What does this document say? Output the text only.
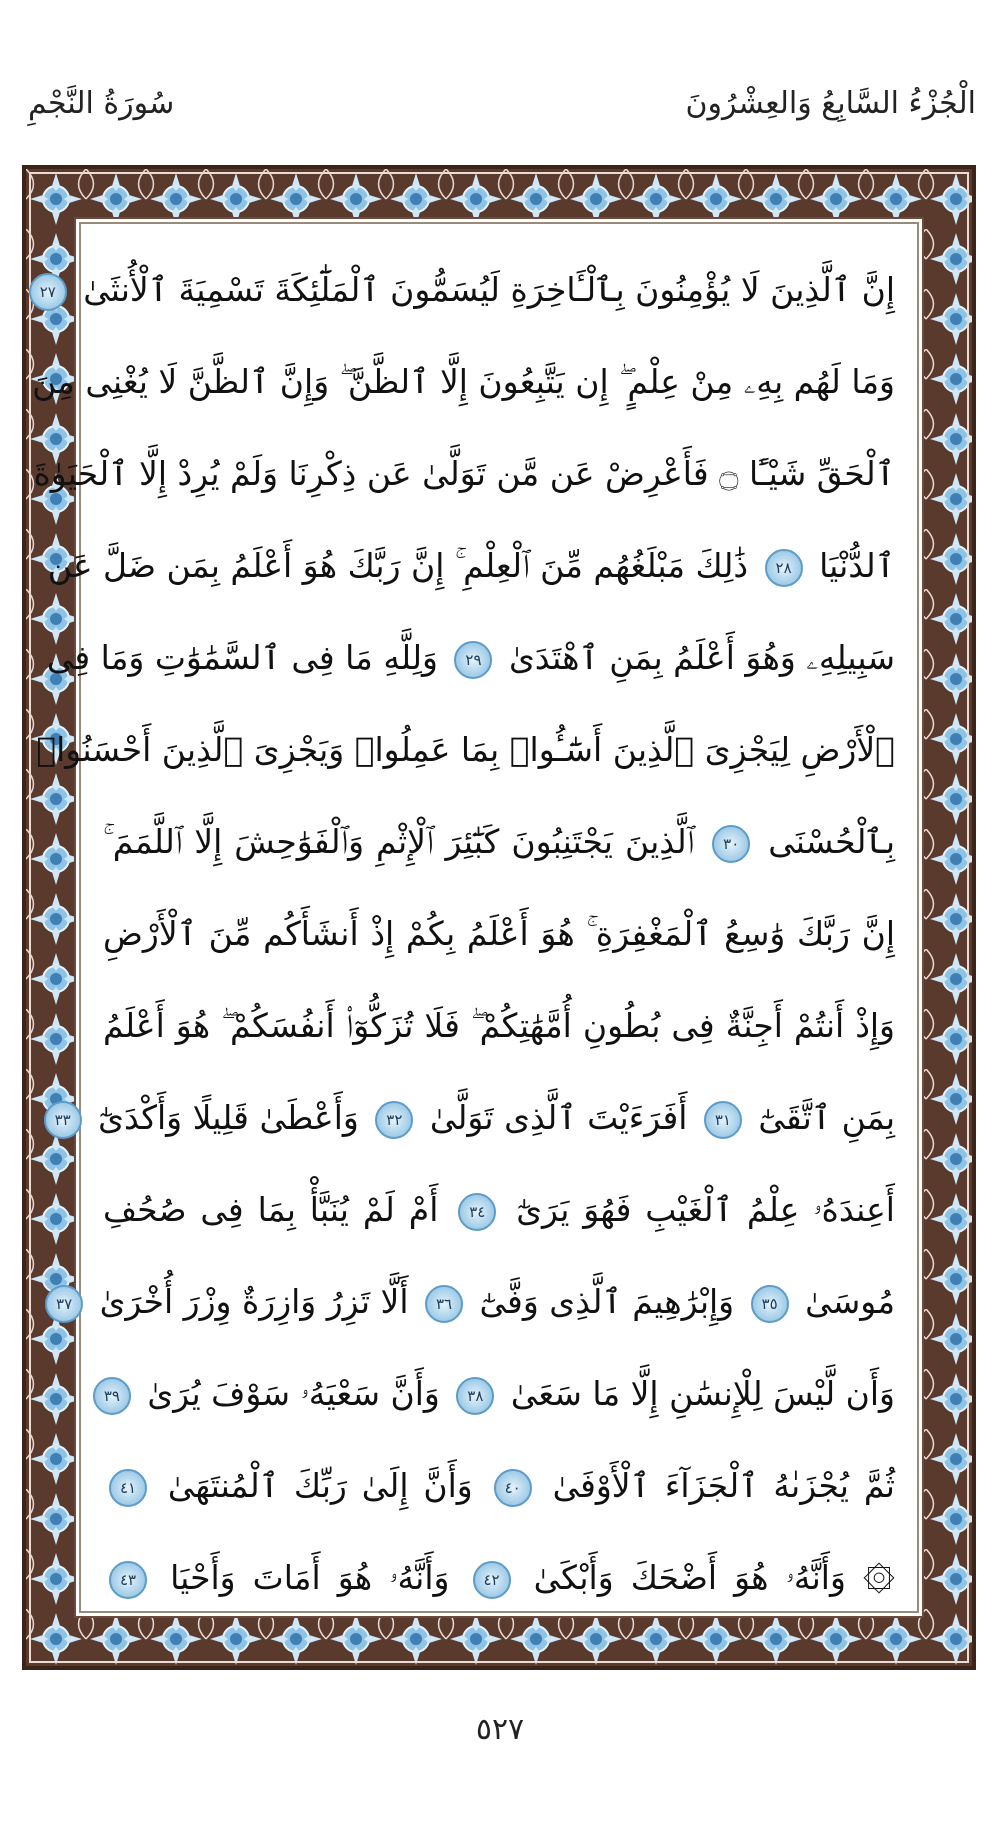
الْجُزْءُ السَّابِعُ وَالعِشْرُونَ
سُورَةُ النَّجْمِ
إِنَّ ٱلَّذِينَ لَا يُؤْمِنُونَ بِٱلْـَٔاخِرَةِ لَيُسَمُّونَ ٱلْمَلَٰٓئِكَةَ تَسْمِيَةَ ٱلْأُنثَىٰ ٢٧
وَمَا لَهُم بِهِۦ مِنْ عِلْمٍ ۖ إِن يَتَّبِعُونَ إِلَّا ٱلظَّنَّ ۖ وَإِنَّ ٱلظَّنَّ لَا يُغْنِى مِنَ
ٱلْحَقِّ شَيْـًٔا ۝ فَأَعْرِضْ عَن مَّن تَوَلَّىٰ عَن ذِكْرِنَا وَلَمْ يُرِدْ إِلَّا ٱلْحَيَوٰةَ
ٱلدُّنْيَا ٢٨ ذَٰلِكَ مَبْلَغُهُم مِّنَ ٱلْعِلْمِ ۚ إِنَّ رَبَّكَ هُوَ أَعْلَمُ بِمَن ضَلَّ عَن
سَبِيلِهِۦ وَهُوَ أَعْلَمُ بِمَنِ ٱهْتَدَىٰ ٢٩ وَلِلَّهِ مَا فِى ٱلسَّمَٰوَٰتِ وَمَا فِى
ٱلْأَرْضِ لِيَجْزِىَ ٱلَّذِينَ أَسَٰٓـُٔوا۟ بِمَا عَمِلُوا۟ وَيَجْزِىَ ٱلَّذِينَ أَحْسَنُوا۟
بِٱلْحُسْنَى ٣٠ ٱلَّذِينَ يَجْتَنِبُونَ كَبَٰٓئِرَ ٱلْإِثْمِ وَٱلْفَوَٰحِشَ إِلَّا ٱللَّمَمَ ۚ
إِنَّ رَبَّكَ وَٰسِعُ ٱلْمَغْفِرَةِ ۚ هُوَ أَعْلَمُ بِكُمْ إِذْ أَنشَأَكُم مِّنَ ٱلْأَرْضِ
وَإِذْ أَنتُمْ أَجِنَّةٌ فِى بُطُونِ أُمَّهَٰتِكُمْ ۖ فَلَا تُزَكُّوٓا۟ أَنفُسَكُمْ ۖ هُوَ أَعْلَمُ
بِمَنِ ٱتَّقَىٰٓ ٣١ أَفَرَءَيْتَ ٱلَّذِى تَوَلَّىٰ ٣٢ وَأَعْطَىٰ قَلِيلًا وَأَكْدَىٰٓ ٣٣
أَعِندَهُۥ عِلْمُ ٱلْغَيْبِ فَهُوَ يَرَىٰٓ ٣٤ أَمْ لَمْ يُنَبَّأْ بِمَا فِى صُحُفِ
مُوسَىٰ ٣٥ وَإِبْرَٰهِيمَ ٱلَّذِى وَفَّىٰٓ ٣٦ أَلَّا تَزِرُ وَازِرَةٌ وِزْرَ أُخْرَىٰ ٣٧
وَأَن لَّيْسَ لِلْإِنسَٰنِ إِلَّا مَا سَعَىٰ ٣٨ وَأَنَّ سَعْيَهُۥ سَوْفَ يُرَىٰ ٣٩
ثُمَّ يُجْزَىٰهُ ٱلْجَزَآءَ ٱلْأَوْفَىٰ ٤٠ وَأَنَّ إِلَىٰ رَبِّكَ ٱلْمُنتَهَىٰ ٤١
۞ وَأَنَّهُۥ هُوَ أَضْحَكَ وَأَبْكَىٰ ٤٢ وَأَنَّهُۥ هُوَ أَمَاتَ وَأَحْيَا ٤٣
٥٢٧
